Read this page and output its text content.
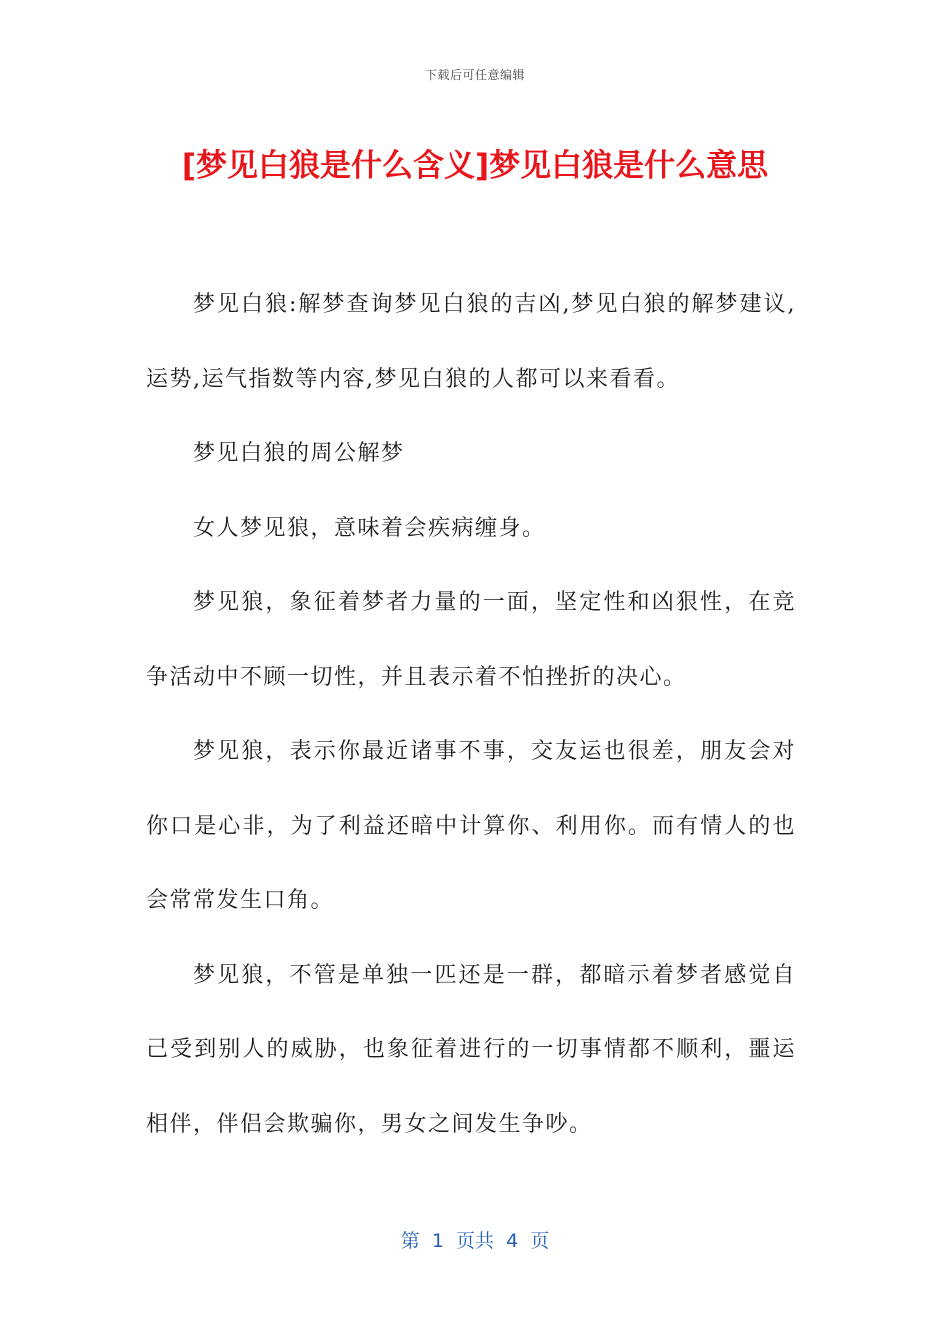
下载后可任意编辑
[梦见白狼是什么含义]梦见白狼是什么意思

梦见白狼:解梦查询梦见白狼的吉凶,梦见白狼的解梦建议,运势,运气指数等内容,梦见白狼的人都可以来看看。

梦见白狼的周公解梦

女人梦见狼，意味着会疾病缠身。

梦见狼，象征着梦者力量的一面，坚定性和凶狠性，在竞争活动中不顾一切性，并且表示着不怕挫折的决心。

梦见狼，表示你最近诸事不事，交友运也很差，朋友会对你口是心非，为了利益还暗中计算你、利用你。而有情人的也会常常发生口角。

梦见狼，不管是单独一匹还是一群，都暗示着梦者感觉自己受到别人的威胁，也象征着进行的一切事情都不顺利，噩运相伴，伴侣会欺骗你，男女之间发生争吵。

第  1  页共  4  页
